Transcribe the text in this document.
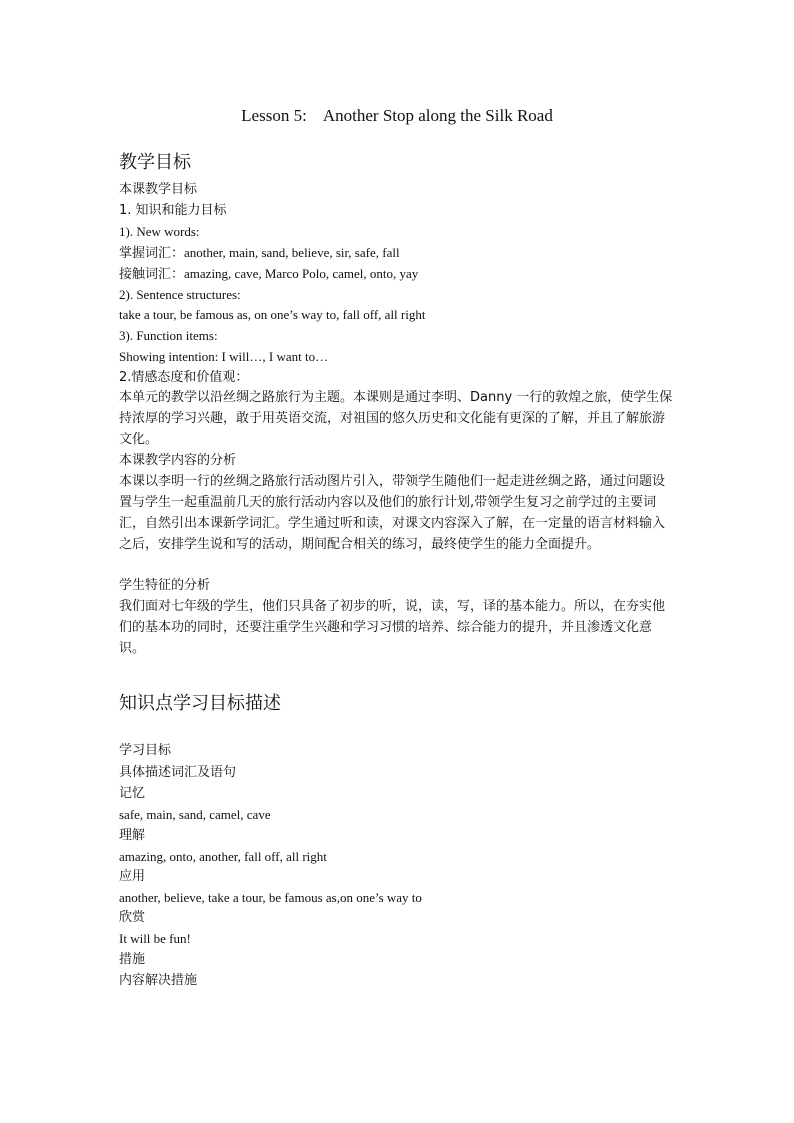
Lesson 5:    Another Stop along the Silk Road
教学目标
本课教学目标
1. 知识和能力目标
1). New words:
掌握词汇：another, main, sand, believe, sir, safe, fall
接触词汇：amazing, cave, Marco Polo, camel, onto, yay
2). Sentence structures:
take a tour, be famous as, on one’s way to, fall off, all right
3). Function items:
Showing intention: I will…, I want to…
2.情感态度和价值观：

本单元的教学以沿丝绸之路旅行为主题。本课则是通过李明、Danny 一行的敦煌之旅，使学生保持浓厚的学习兴趣，敢于用英语交流，对祖国的悠久历史和文化能有更深的了解，并且了解旅游文化。

本课教学内容的分析

本课以李明一行的丝绸之路旅行活动图片引入，带领学生随他们一起走进丝绸之路，通过问题设置与学生一起重温前几天的旅行活动内容以及他们的旅行计划,带领学生复习之前学过的主要词汇，自然引出本课新学词汇。学生通过听和读，对课文内容深入了解，在一定量的语言材料输入之后，安排学生说和写的活动，期间配合相关的练习，最终使学生的能力全面提升。

学生特征的分析

我们面对七年级的学生，他们只具备了初步的听，说，读，写，译的基本能力。所以，在夯实他们的基本功的同时，还要注重学生兴趣和学习习惯的培养、综合能力的提升，并且渗透文化意识。

知识点学习目标描述
学习目标
具体描述词汇及语句
记忆
safe, main, sand, camel, cave
理解
amazing, onto, another, fall off, all right
应用
another, believe, take a tour, be famous as,on one’s way to
欣赏
It will be fun!
措施
内容解决措施
